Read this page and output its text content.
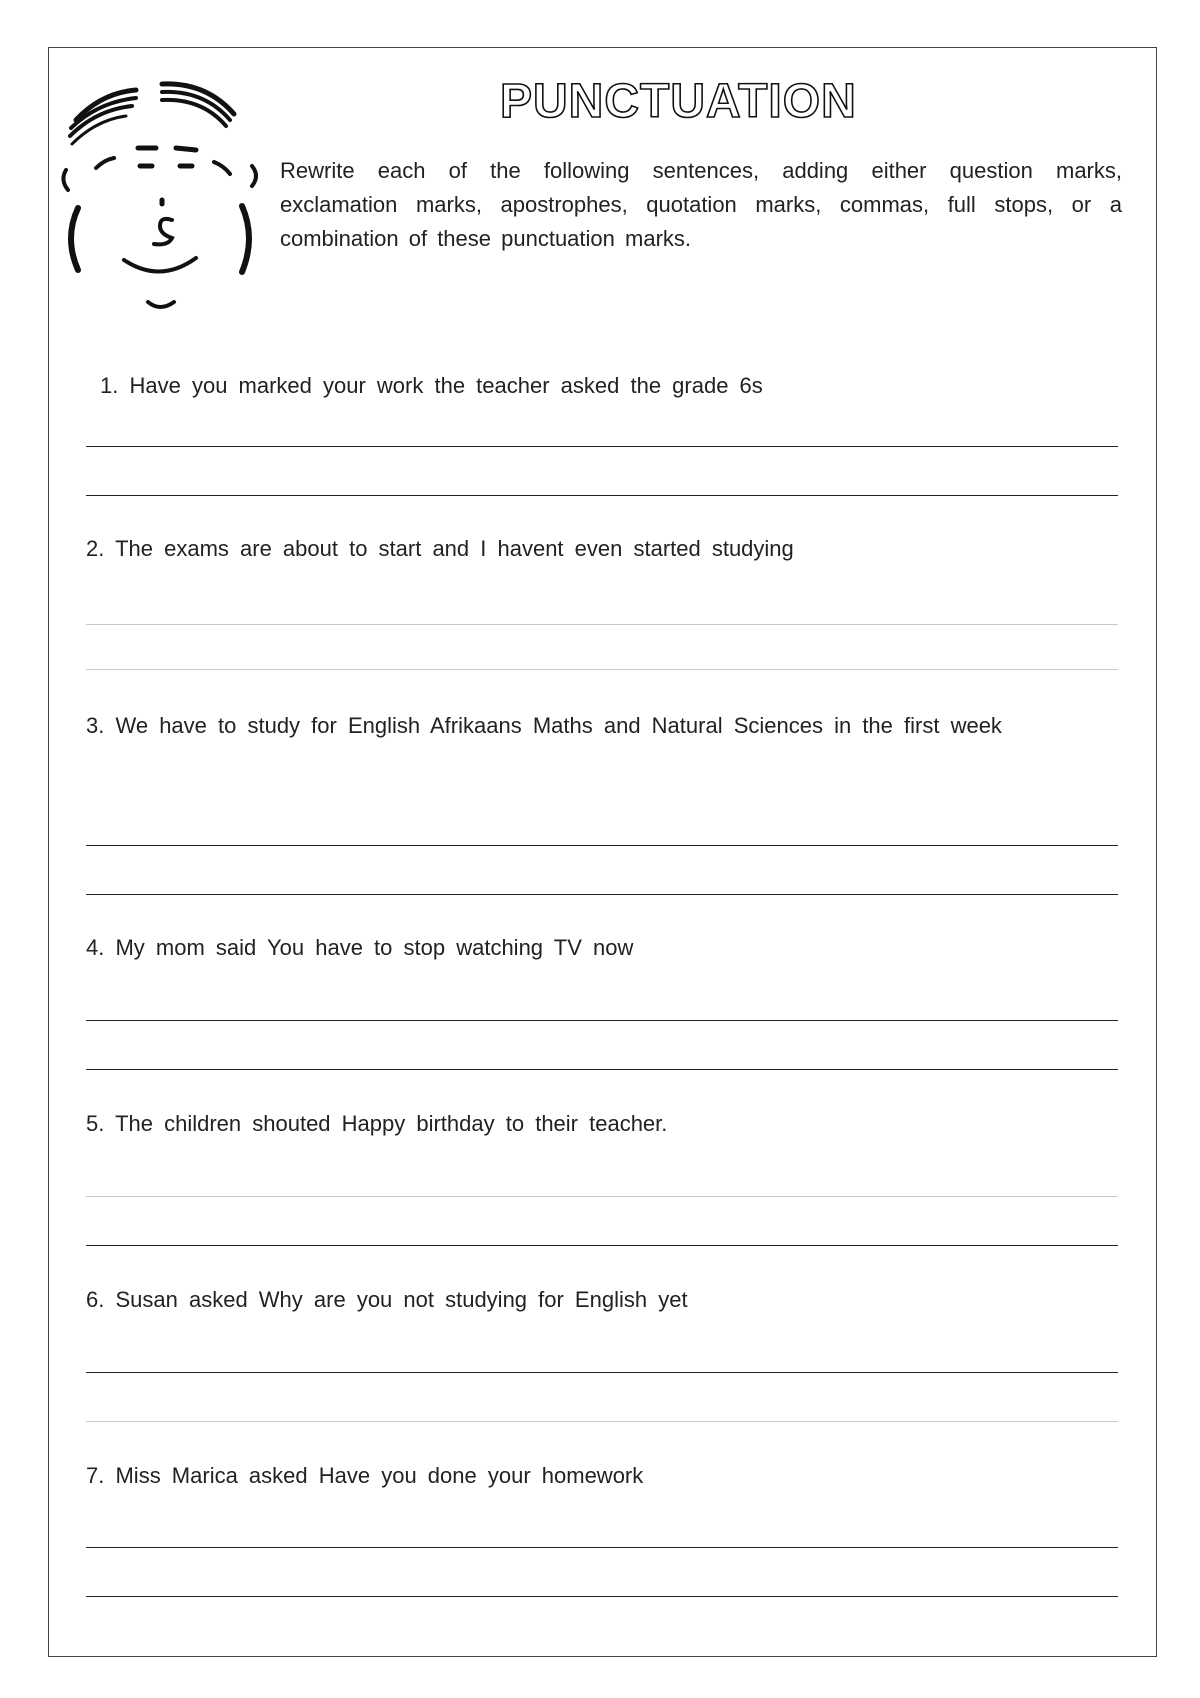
PUNCTUATION

Rewrite each of the following sentences, adding either question marks, exclamation marks, apostrophes, quotation marks, commas, full stops, or a combination of these punctuation marks.

1. Have you marked your work the teacher asked the grade 6s
2. The exams are about to start and I havent even started studying
3. We have to study for English Afrikaans Maths and Natural Sciences in the first week
4. My mom said You have to stop watching TV now
5. The children shouted Happy birthday to their teacher.
6. Susan asked Why are you not studying for English yet
7. Miss Marica asked Have you done your homework
